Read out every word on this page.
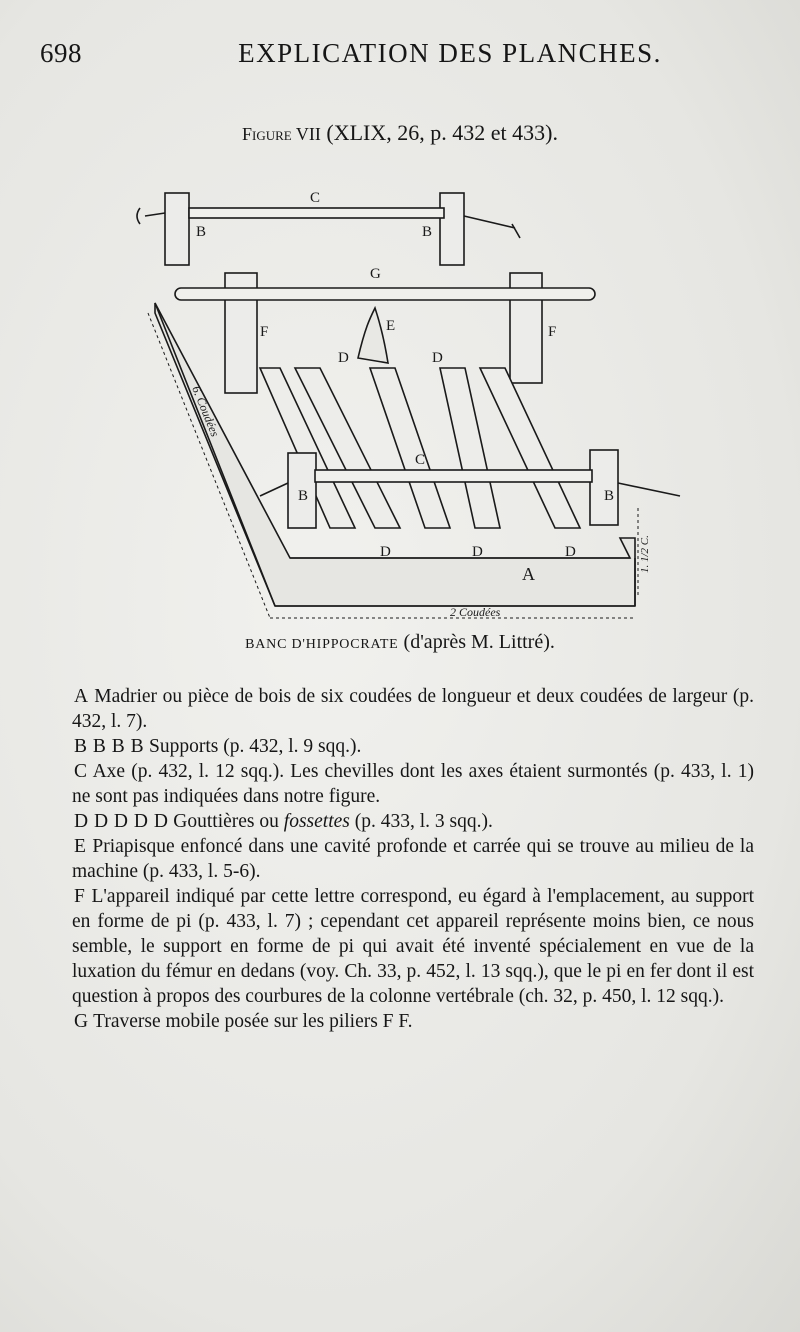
698	EXPLICATION DES PLANCHES.
Figure VII (XLIX, 26, p. 432 et 433).
C
B	B
G
F	F
E
D	D
C
B	B
D	D	D
A
2 Coudées
6. Coudées
1. 1/2 C.
BANC D'HIPPOCRATE (d'après M. Littré).

A Madrier ou pièce de bois de six coudées de longueur et deux coudées de largeur (p. 432, l. 7).

B B B B Supports (p. 432, l. 9 sqq.).

C Axe (p. 432, l. 12 sqq.). Les chevilles dont les axes étaient surmontés (p. 433, l. 1) ne sont pas indiquées dans notre figure.

D D D D D Gouttières ou fossettes (p. 433, l. 3 sqq.).

E Priapisque enfoncé dans une cavité profonde et carrée qui se trouve au milieu de la machine (p. 433, l. 5-6).

F L'appareil indiqué par cette lettre correspond, eu égard à l'emplacement, au support en forme de pi (p. 433, l. 7) ; cependant cet appareil représente moins bien, ce nous semble, le support en forme de pi qui avait été inventé spécialement en vue de la luxation du fémur en dedans (voy. Ch. 33, p. 452, l. 13 sqq.), que le pi en fer dont il est question à propos des courbures de la colonne vertébrale (ch. 32, p. 450, l. 12 sqq.).

G Traverse mobile posée sur les piliers F F.
